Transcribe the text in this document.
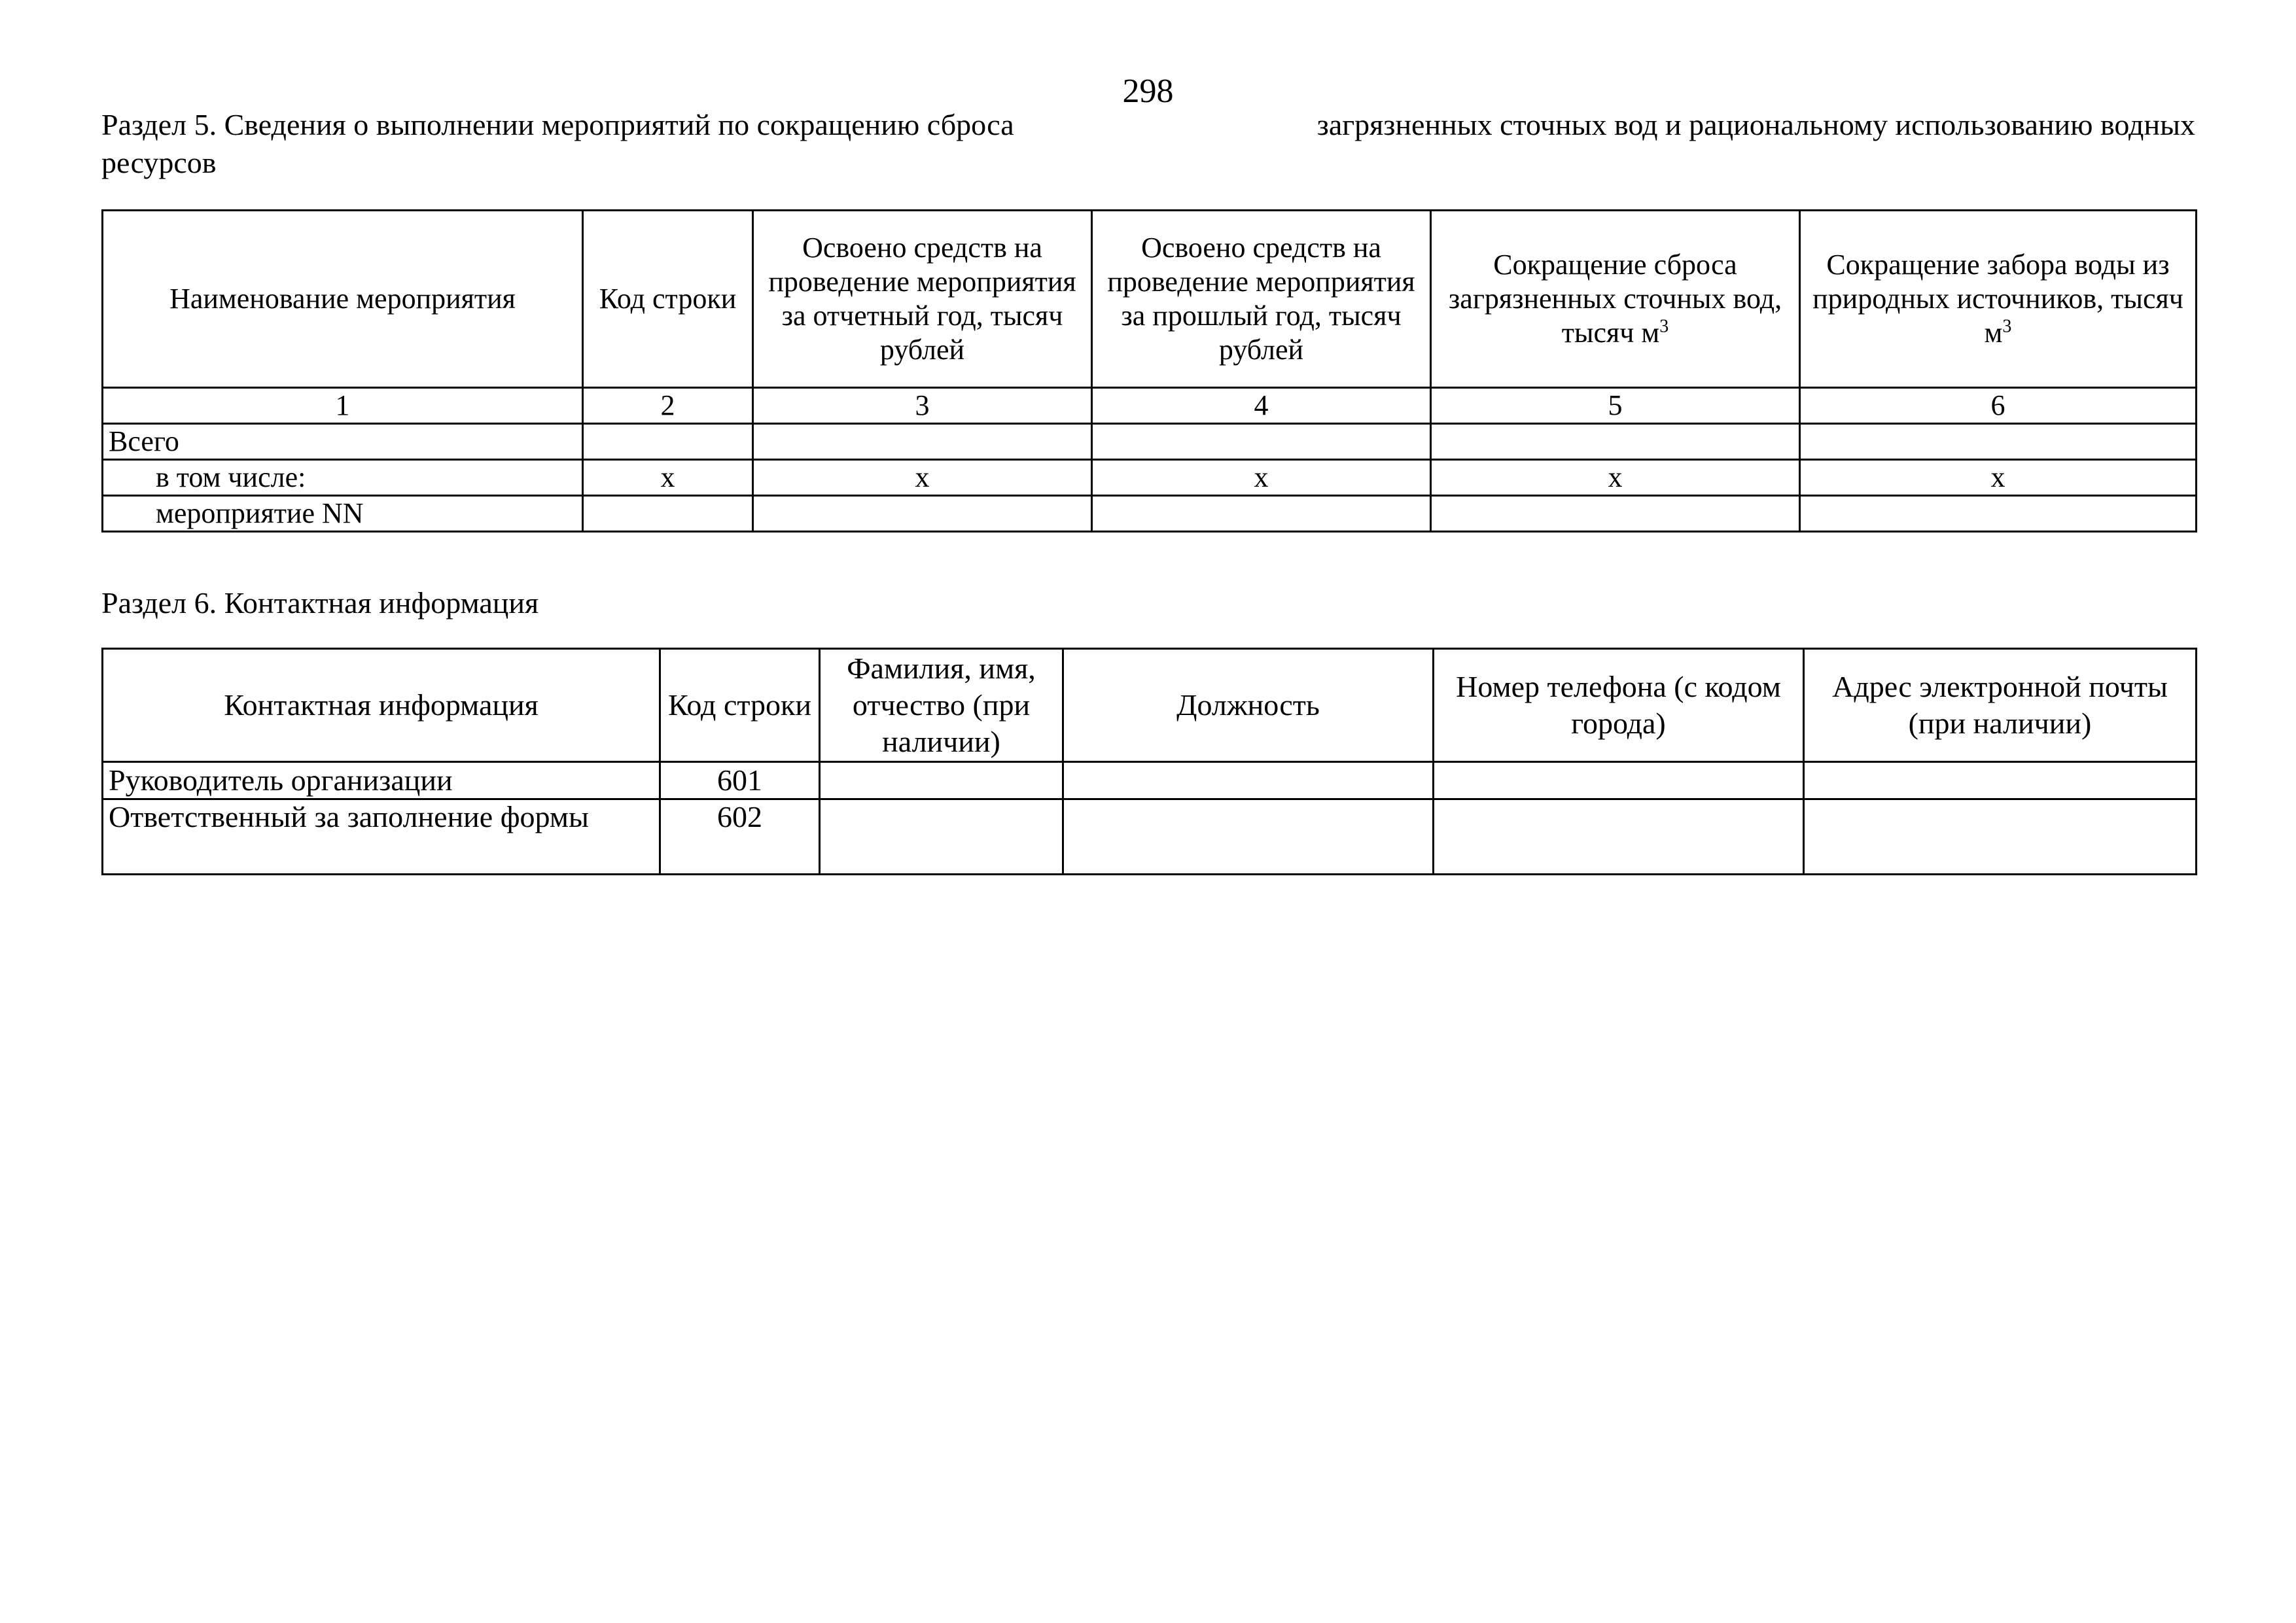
298
Раздел 5. Сведения о выполнении мероприятий по сокращению сброса	загрязненных сточных вод и рациональному использованию водных
ресурсов
Наименование мероприятия	Код строки	Освоено средств на проведение мероприятия за отчетный год, тысяч рублей	Освоено средств на проведение мероприятия за прошлый год, тысяч рублей	Сокращение сброса загрязненных сточных вод, тысяч $м^3$	Сокращение забора воды из природных источников, тысяч $м^3$
1	2	3	4	5	6
Всего					
в том числе:	х	х	х	х	х
мероприятие NN					
Раздел 6. Контактная информация
Контактная информация	Код строки	Фамилия, имя, отчество (при наличии)	Должность	Номер телефона (с кодом города)	Адрес электронной почты (при наличии)
Руководитель организации	601				
Ответственный за заполнение формы	602				
